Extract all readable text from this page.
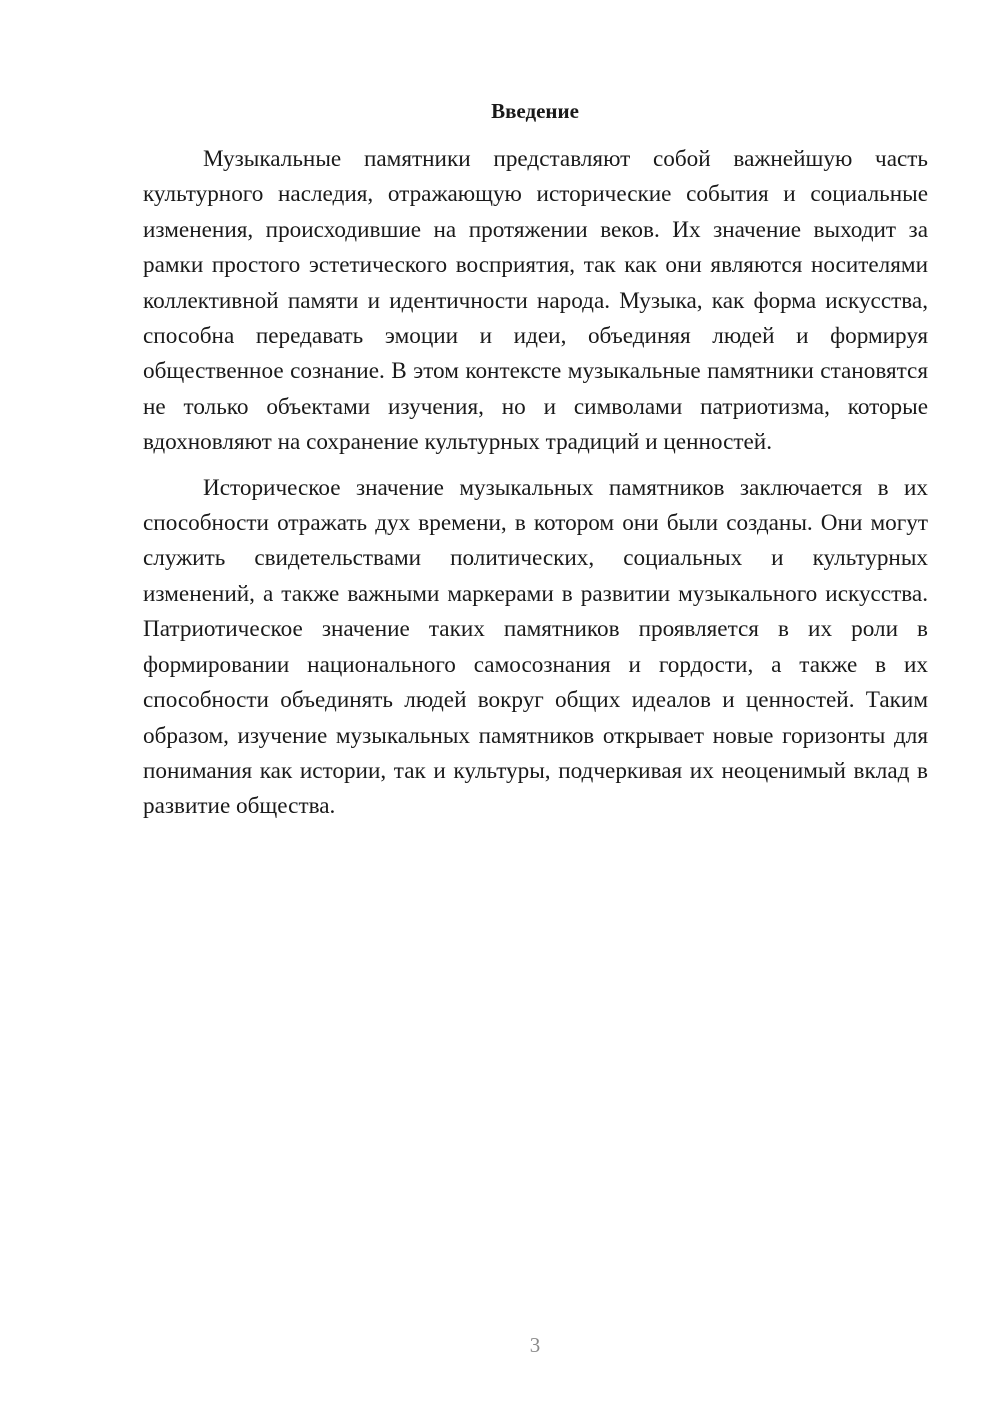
Введение

Музыкальные памятники представляют собой важнейшую часть культурного наследия, отражающую исторические события и социальные изменения, происходившие на протяжении веков. Их значение выходит за рамки простого эстетического восприятия, так как они являются носителями коллективной памяти и идентичности народа. Музыка, как форма искусства, способна передавать эмоции и идеи, объединяя людей и формируя общественное сознание. В этом контексте музыкальные памятники становятся не только объектами изучения, но и символами патриотизма, которые вдохновляют на сохранение культурных традиций и ценностей.

Историческое значение музыкальных памятников заключается в их способности отражать дух времени, в котором они были созданы. Они могут служить свидетельствами политических, социальных и культурных изменений, а также важными маркерами в развитии музыкального искусства. Патриотическое значение таких памятников проявляется в их роли в формировании национального самосознания и гордости, а также в их способности объединять людей вокруг общих идеалов и ценностей. Таким образом, изучение музыкальных памятников открывает новые горизонты для понимания как истории, так и культуры, подчеркивая их неоценимый вклад в развитие общества.

3
